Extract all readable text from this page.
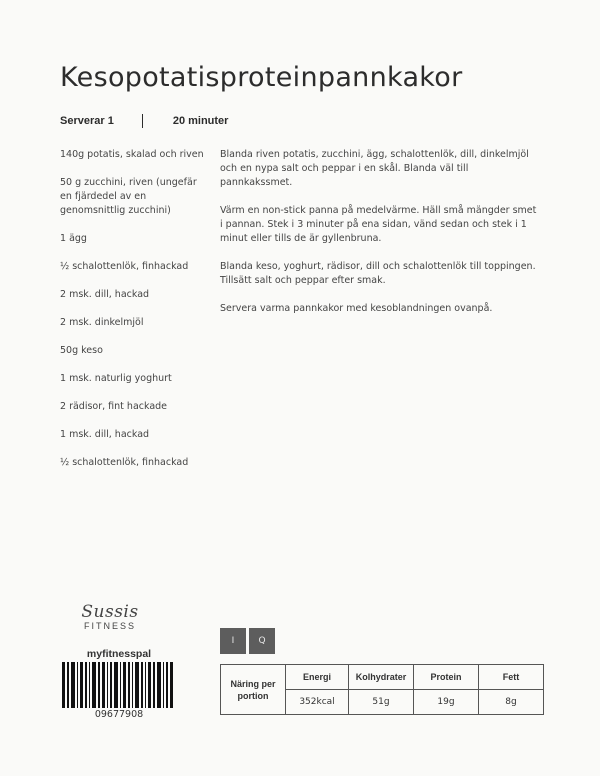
Kesopotatisproteinpannkakor
Serverar 1	20 minuter
140g potatis, skalad och riven
50 g zucchini, riven (ungefär en fjärdedel av en genomsnittlig zucchini)
1 ägg
½ schalottenlök, finhackad
2 msk. dill, hackad
2 msk. dinkelmjöl
50g keso
1 msk. naturlig yoghurt
2 rädisor, fint hackade
1 msk. dill, hackad
½ schalottenlök, finhackad

Blanda riven potatis, zucchini, ägg, schalottenlök, dill, dinkelmjöl och en nypa salt och peppar i en skål. Blanda väl till pannkakssmet.

Värm en non-stick panna på medelvärme. Häll små mängder smet i pannan. Stek i 3 minuter på ena sidan, vänd sedan och stek i 1 minut eller tills de är gyllenbruna.

Blanda keso, yoghurt, rädisor, dill och schalottenlök till toppingen. Tillsätt salt och peppar efter smak.

Servera varma pannkakor med kesoblandningen ovanpå.

Sussis
FITNESS
myfitnesspal
09677908
I	Q
Näring per portion	Energi	Kolhydrater	Protein	Fett
	352kcal	51g	19g	8g
